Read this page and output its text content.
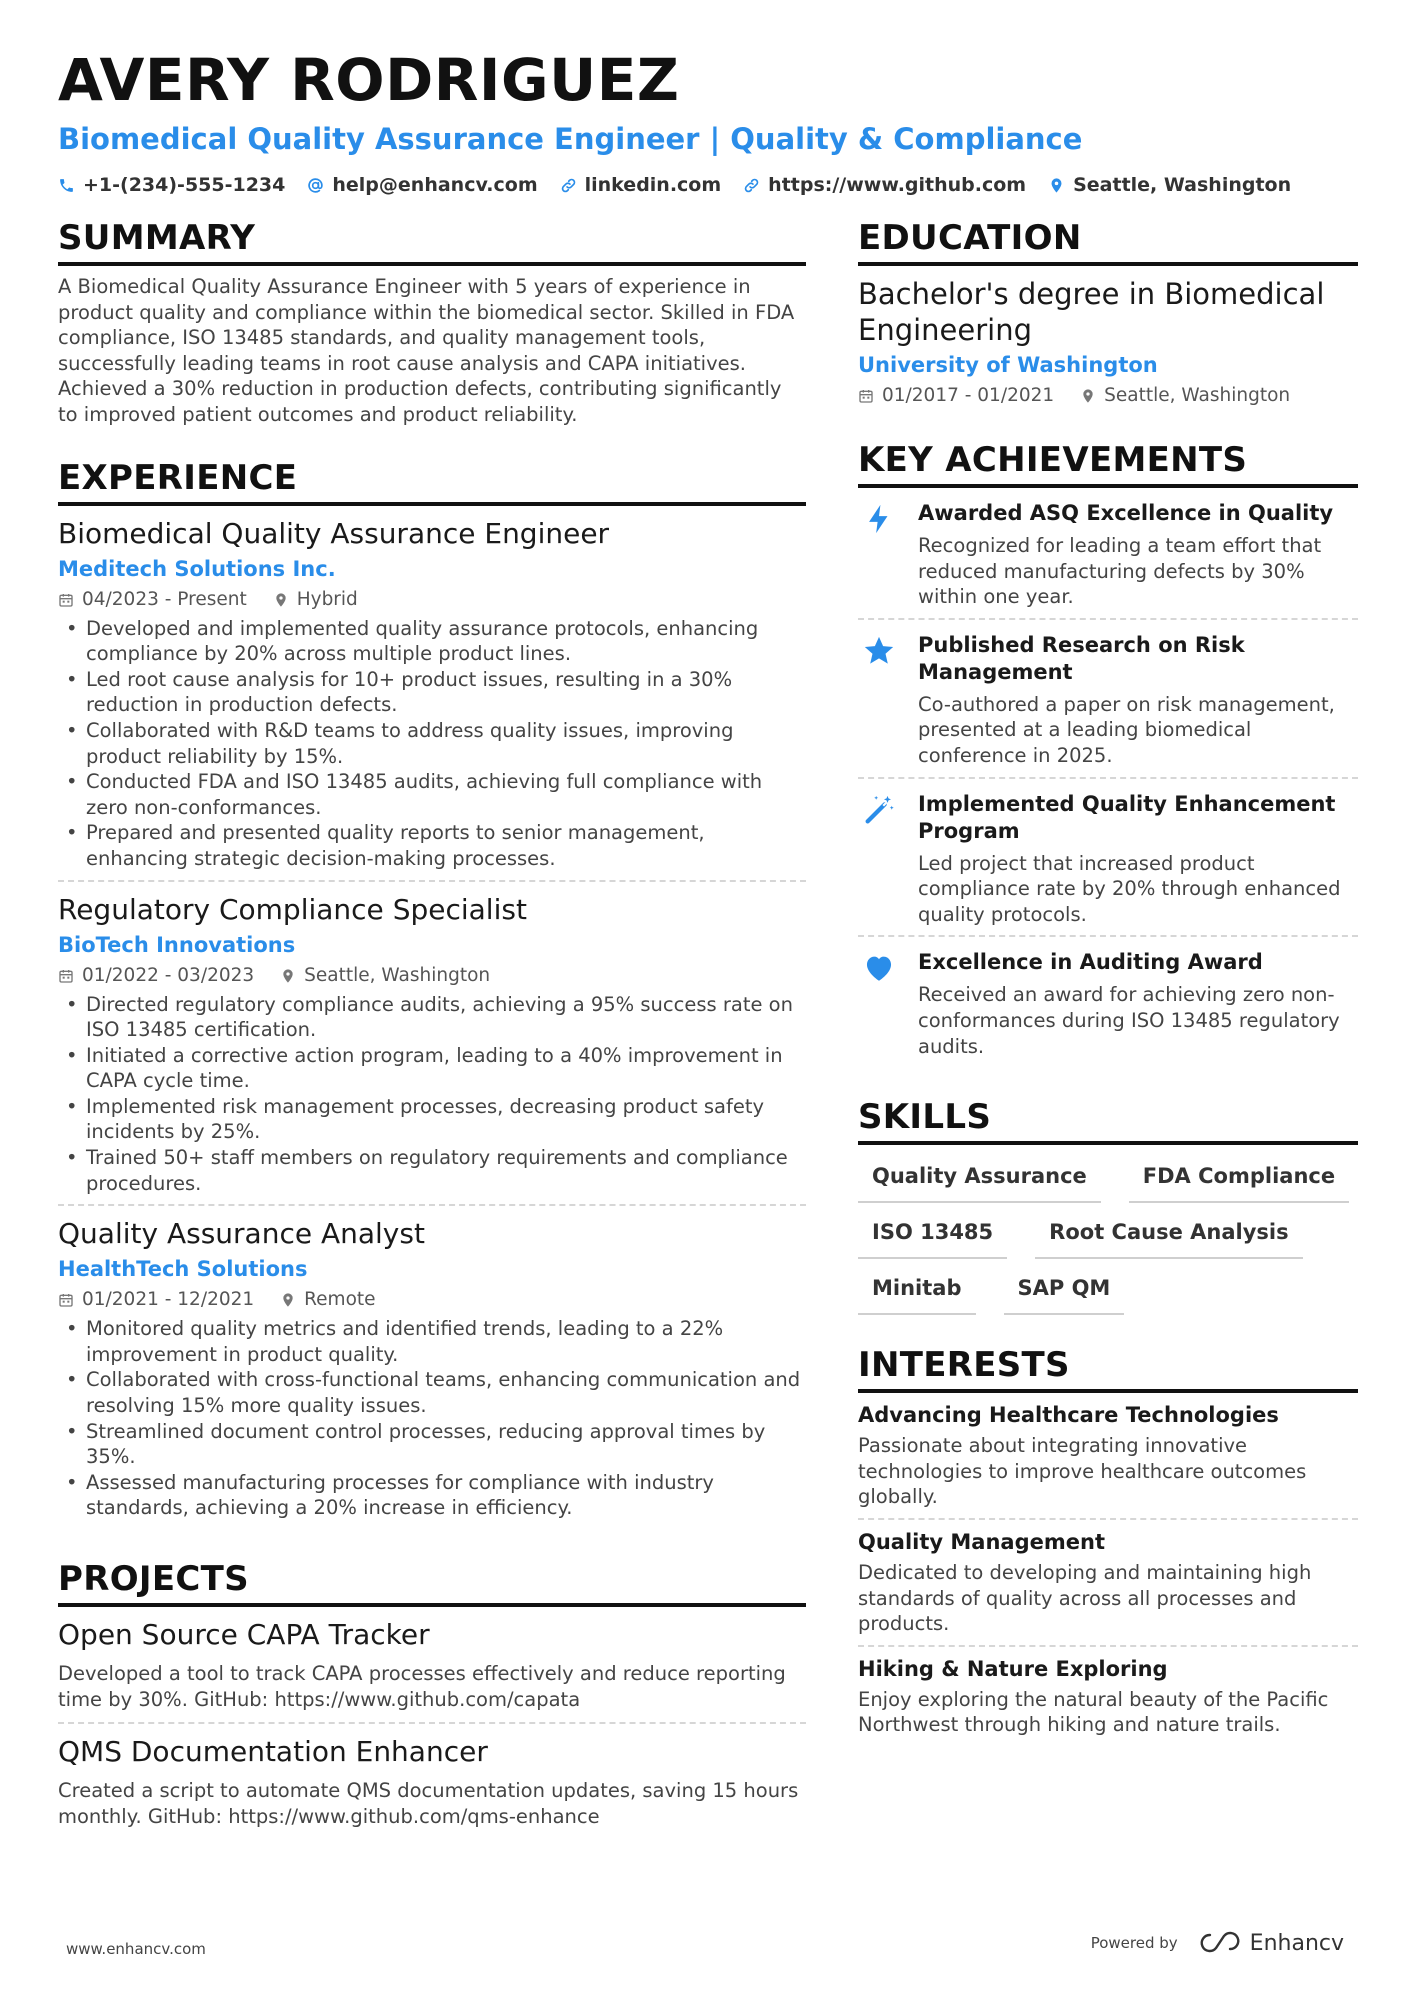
AVERY RODRIGUEZ
Biomedical Quality Assurance Engineer | Quality & Compliance
+1-(234)-555-1234 help@enhancv.com linkedin.com https://www.github.com Seattle, Washington
SUMMARY
A Biomedical Quality Assurance Engineer with 5 years of experience in product quality and compliance within the biomedical sector. Skilled in FDA compliance, ISO 13485 standards, and quality management tools, successfully leading teams in root cause analysis and CAPA initiatives. Achieved a 30% reduction in production defects, contributing significantly to improved patient outcomes and product reliability.
EXPERIENCE
Biomedical Quality Assurance Engineer
Meditech Solutions Inc.
04/2023 - Present	Hybrid
• Developed and implemented quality assurance protocols, enhancing compliance by 20% across multiple product lines.
• Led root cause analysis for 10+ product issues, resulting in a 30% reduction in production defects.
• Collaborated with R&D teams to address quality issues, improving product reliability by 15%.
• Conducted FDA and ISO 13485 audits, achieving full compliance with zero non-conformances.
• Prepared and presented quality reports to senior management, enhancing strategic decision-making processes.
Regulatory Compliance Specialist
BioTech Innovations
01/2022 - 03/2023	Seattle, Washington
• Directed regulatory compliance audits, achieving a 95% success rate on ISO 13485 certification.
• Initiated a corrective action program, leading to a 40% improvement in CAPA cycle time.
• Implemented risk management processes, decreasing product safety incidents by 25%.
• Trained 50+ staff members on regulatory requirements and compliance procedures.
Quality Assurance Analyst
HealthTech Solutions
01/2021 - 12/2021	Remote
• Monitored quality metrics and identified trends, leading to a 22% improvement in product quality.
• Collaborated with cross-functional teams, enhancing communication and resolving 15% more quality issues.
• Streamlined document control processes, reducing approval times by 35%.
• Assessed manufacturing processes for compliance with industry standards, achieving a 20% increase in efficiency.
PROJECTS
Open Source CAPA Tracker
Developed a tool to track CAPA processes effectively and reduce reporting time by 30%. GitHub: https://www.github.com/capata
QMS Documentation Enhancer
Created a script to automate QMS documentation updates, saving 15 hours monthly. GitHub: https://www.github.com/qms-enhance
EDUCATION
Bachelor's degree in Biomedical Engineering
University of Washington
01/2017 - 01/2021	Seattle, Washington
KEY ACHIEVEMENTS
Awarded ASQ Excellence in Quality
Recognized for leading a team effort that reduced manufacturing defects by 30% within one year.
Published Research on Risk Management
Co-authored a paper on risk management, presented at a leading biomedical conference in 2025.
Implemented Quality Enhancement Program
Led project that increased product compliance rate by 20% through enhanced quality protocols.
Excellence in Auditing Award
Received an award for achieving zero non-conformances during ISO 13485 regulatory audits.
SKILLS
Quality Assurance	FDA Compliance
ISO 13485	Root Cause Analysis
Minitab	SAP QM
INTERESTS
Advancing Healthcare Technologies
Passionate about integrating innovative technologies to improve healthcare outcomes globally.
Quality Management
Dedicated to developing and maintaining high standards of quality across all processes and products.
Hiking & Nature Exploring
Enjoy exploring the natural beauty of the Pacific Northwest through hiking and nature trails.
www.enhancv.com	Powered by	Enhancv
